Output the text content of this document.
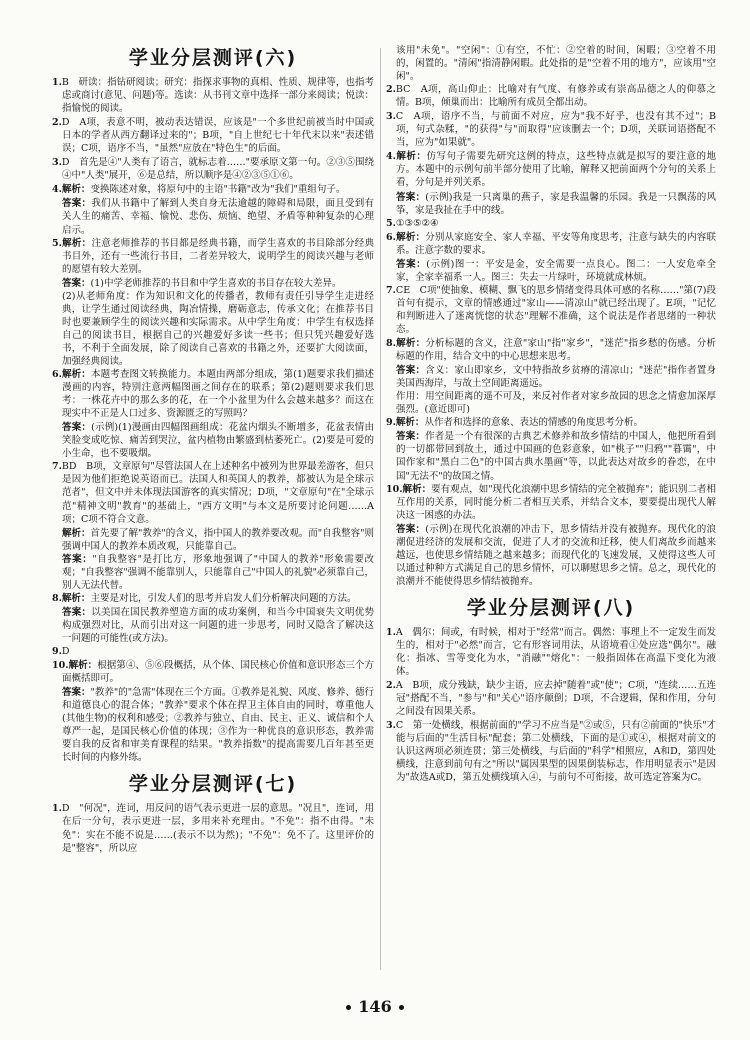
学业分层测评(六)

1.B　研读：指钻研阅读；研究：指探求事物的真相、性质、规律等，也指考虑或商讨(意见、问题)等。选读：从书刊文章中选择一部分来阅读；悦读：指愉悦的阅读。

2.D　A项，表意不明，被动表达错误，应该是"一个多世纪前被当时中国或日本的学者从西方翻译过来的"；B项，"自上世纪七十年代末以来"表述错误；C项，语序不当，"虽然"应放在"特色生"的后面。

3.D　首先是④"人类有了语言，就标志着……"要承原文第一句。②③⑤围绕④中"人类"展开，⑥是总结，所以顺序是④②③⑤①⑥。

4.解析：变换陈述对象，将原句中的主语"书籍"改为"我们"重组句子。

答案：我们从书籍中了解到人类自身无法逾越的障碍和局限，面且受到有关人生的痛苦、幸福、愉悦、悲伤、烦恼、绝望、矛盾等种种复杂的心理启示。

5.解析：注意老师推荐的书目都是经典书籍，而学生喜欢的书目除部分经典书目外，还有一些流行书目，二者差异较大，说明学生的阅读兴趣与老师的愿望有较大差别。

答案：(1)中学老师推荐的书目和中学生喜欢的书目存在较大差异。

(2)从老师角度：作为知识和文化的传播者，教师有责任引导学生走进经典，让学生通过阅读经典，陶冶情操，磨砺意志，传承文化；在推荐书目时也要兼顾学生的阅读兴趣和实际需求。从中学生角度：中学生有权选择自己的阅读书目，根据自己的兴趣爱好多读一些书；但只凭兴趣爱好选书，不利于全面发展，除了阅读自己喜欢的书籍之外，还要扩大阅读面，加强经典阅读。

6.解析：本题考查图文转换能力。本题由两部分组成，第(1)题要求我们描述漫画的内容，特别注意两幅图画之间存在的联系；第(2)题则要求我们思考：一株花卉中的那么多的花，在一个小盆里为什么会越来越多？而这在现实中不正是人口过多、资源匮乏的写照吗？

答案：(示例)(1)漫画由四幅图画组成：花盆内烟头不断增多，花盆表情由笑脸变成吃惊、痛苦到哭泣，盆内植物由繁盛到枯萎死亡。(2)要是可爱的小生命，也不要吸烟。

7.BD　B项，文章原句"尽管法国人在上述种名中被列为世界最差游客，但只是因为他们拒绝说英语而已。法国人和英国人的教养，都被认为是全球示范者"，但文中并未体现法国游客的真实情况；D项，"文章原句"在"全球示范"精神文明"教育"的基础上，"西方文明"与本文是所要讨论问题……A项；C项不符合文意。

解析：首先要了解"教养"的含义，指中国人的教养要改观。而"自我整容"则强调中国人的教养本质改观，只能靠自己。

答案："自我整容"是打比方，形象地强调了"中国人的教养"形象需要改观；"自我整容"强调不能靠别人，只能靠自己"中国人的礼貌"必须靠自己，别人无法代替。

8.解析：主要是对比，引发人们的思考并启发人们分析解决问题的方法。

答案：以美国在国民教养塑造方面的成功案例，和当今中国衰失文明优势构成强烈对比，从而引出对这一问题的进一步思考，同时又隐含了解决这一问题的可能性(或方法)。

9.D

10.解析：根据第④、⑤⑥段概括，从个体、国民核心价值和意识形态三个方面概括即可。

答案："教养"的"急需"体现在三个方面。①教养是礼貌、风度、修养、德行和道德良心的混合体；"教养"要求个体在捍卫主体自由的同时，尊重他人(其他生物)的权利和感受；②教养与独立、自由、民主、正义、诚信和个人尊严一起，是国民核心价值的体现；③作为一种优良的意识形态，教养需要自我的反省和审美育课程的结果。"教养指数"的提高需要几百年甚至更长时间的内修外练。

学业分层测评(七)

1.D　"何况"，连词，用反问的语气表示更进一层的意思。"况且"，连词，用在后一分句，表示更进一层，多用来补充理由。"不免"：指不由得。"未免"：实在不能不说是……(表示不以为然)；"不免"：免不了。这里评价的是"整容"，所以应

该用"未免"。"空闲"：①有空，不忙：②空着的时间，闲暇；③空着不用的，闲置的。"清闲"指清静闲暇。此处指的是"空着不用的地方"，应该用"空闲"。

2.BC　A项，高山仰止：比喻对有气度、有修养或有崇高品德之人的仰慕之情。B项，倾巢而出：比喻所有成员全都出动。

3.C　A项，语序不当，与前面不对应，应为"我不好乎，也没有其不过"；B项，句式杂糅，"的获得"与"而取得"应该删去一个；D项，关联词语搭配不当，应为"如果就"。

4.解析：仿写句子需要先研究这例的特点，这些特点就是拟写的要注意的地方。本题中的示例句前半部分使用了比喻，解释又把前面两个分句的关系上看，分句是并列关系。

答案：(示例)我是一只离巢的燕子，家是我温馨的乐园。我是一只飘荡的风筝，家是我扯在手中的线。

5.①③⑤②④

6.解析：分别从家庭安全、家人幸福、平安等角度思考，注意与缺失的内容联系。注意字数的要求。

答案：(示例)图一：平安是金，安全需要一点良心。图二：一人安危牵全家，全家幸福系一人。图三：失去一片绿叶，环境就成林烦。

7.CE　C项"使抽象、模糊、飘飞的思乡情绪变得具体可感的名称……"第(7)段首句有提示，文章的情感通过"家山——清凉山"就已经出现了。E项，"记忆和判断进入了迷离恍惚的状态"理解不准确，这个说法是作者思绪的一种状态。

8.解析：分析标题的含义，注意"家山"指"家乡"，"迷茫"指乡愁的伤感。分析标题的作用，结合文中的中心思想来思考。

答案：含义：家山即家乡，文中特指故乡贫瘠的清凉山；"迷茫"指作者置身美国西海岸，与故土空间距离遥远。

作用：用空间距离的遥不可及，来反衬作者对家乡故园的思念之情愈加深厚强烈。(意近即可)

9.解析：从作者和选择的意象、表达的情感的角度思考分析。

答案：作者是一个有很深的古典艺术修养和故乡情结的中国人，他把所看到的一切都带回到故土，通过中国画的色彩意象，如"桃子""归鸦""暮霭"，中国作家和"黑白二色"的中国古典水墨画"等，以此表达对故乡的眷恋，在中国"无法不"的故国之情。

10.解析：要有观点，如"现代化浪潮中思乡情结的完全被抛弃"；能识别二者相互作用的关系，同时能分析二者相互关系，并结合文本，要要提出现代人解决这一困惑的办法。

答案：(示例)在现代化浪潮的冲击下，思乡情结并没有被抛弃。现代化的浪潮促进经济的发展和交流，促进了人才的交流和迁移，使人们离故乡而越来越远，也使思乡情结随之越来越多；而现代化的飞速发展，又使得这些人可以通过种种方式满足自己的思乡情怀，可以聊慰思乡之情。总之，现代化的浪潮并不能使得思乡情结被抛弃。

学业分层测评(八)

1.A　偶尔：间或，有时候，相对于"经常"而言。偶然：事理上不一定发生而发生的，相对于"必然"而言，它有形容词用法，从语境看①处应选"偶尔"。融化：指冰、雪等变化为水，"消融""熔化"：一般指固体在高温下变化为液体。

2.A　B项，成分残缺，缺少主语，应去掉"随着"或"使"；C项，"连续……五连冠"搭配不当，"参与"和"关心"语序颠倒；D项，不合逻辑，保和作用，分句之间没有因果关系。

3.C　第一处横线，根据前面的"学习不应当是"②或⑤，只有②前面的"快乐"才能与后面的"生活目标"配套；第二处横线，下面的是①或④，根据对前文的认识这两项必须连贯；第三处横线，与后面的"科学"相照应，A和D，第四处横线，注意到前句有之"所以"属因果型的因果倒装标志，作用明显表示"是因为"故选A或D，第五处横线填入④，与前句不可衔接，故可选定答案为C。

146
